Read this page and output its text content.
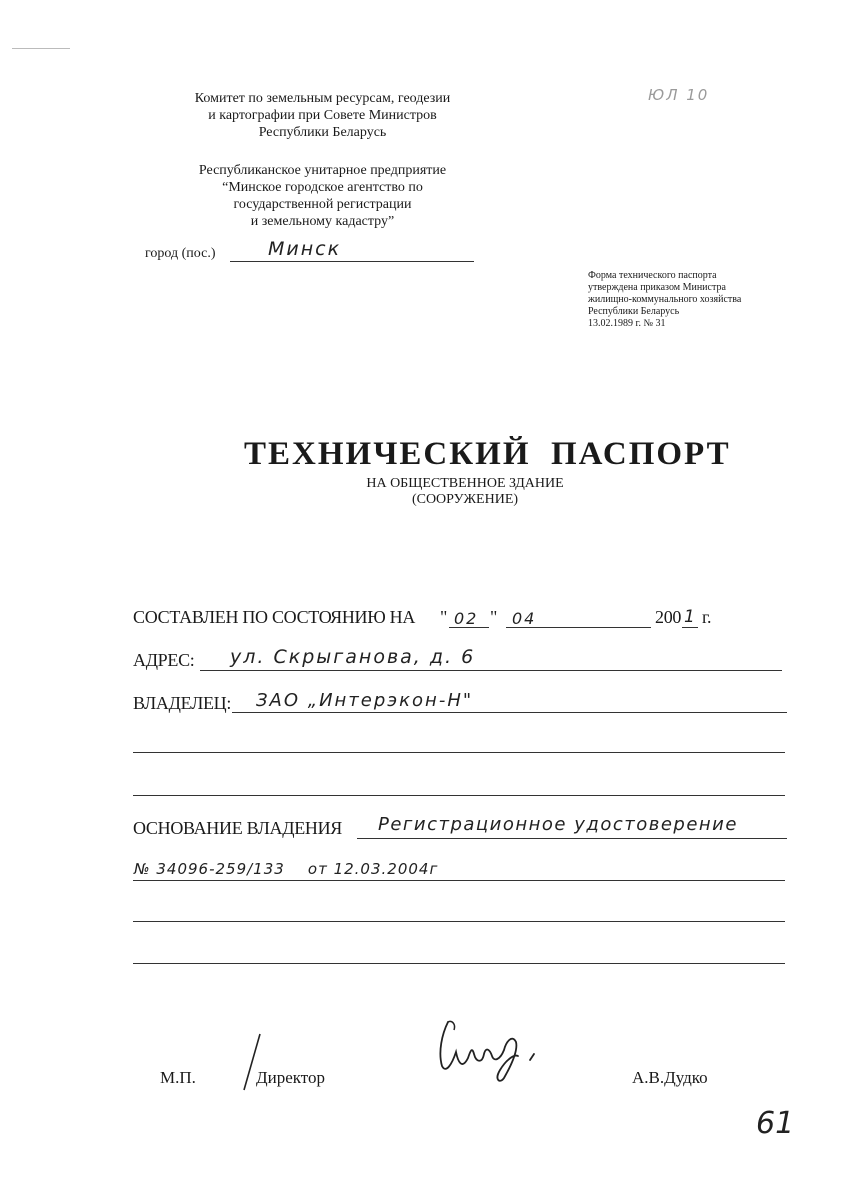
Комитет по земельным ресурсам, геодезии
и картографии при Совете Министров
Республики Беларусь
ЮЛ 10
Республиканское унитарное предприятие
“Минское городское агентство по
государственной регистрации
и земельному кадастру”
город (пос.)	Минск
Форма технического паспорта
утверждена приказом Министра
жилищно-коммунального хозяйства
Республики Беларусь
13.02.1989 г. № 31
ТЕХНИЧЕСКИЙ  ПАСПОРТ
НА ОБЩЕСТВЕННОЕ ЗДАНИЕ
(СООРУЖЕНИЕ)
СОСТАВЛЕН ПО СОСТОЯНИЮ НА " 02 " 04	200 1 г.
АДРЕС: ул. Скрыганова, д. 6
ВЛАДЕЛЕЦ: ЗАО „Интерэкон-Н"
ОСНОВАНИЕ ВЛАДЕНИЯ Регистрационное удостоверение
№ 34096-259/133    от 12.03.2004г
М.П.	Директор	А.В.Дудко
61
